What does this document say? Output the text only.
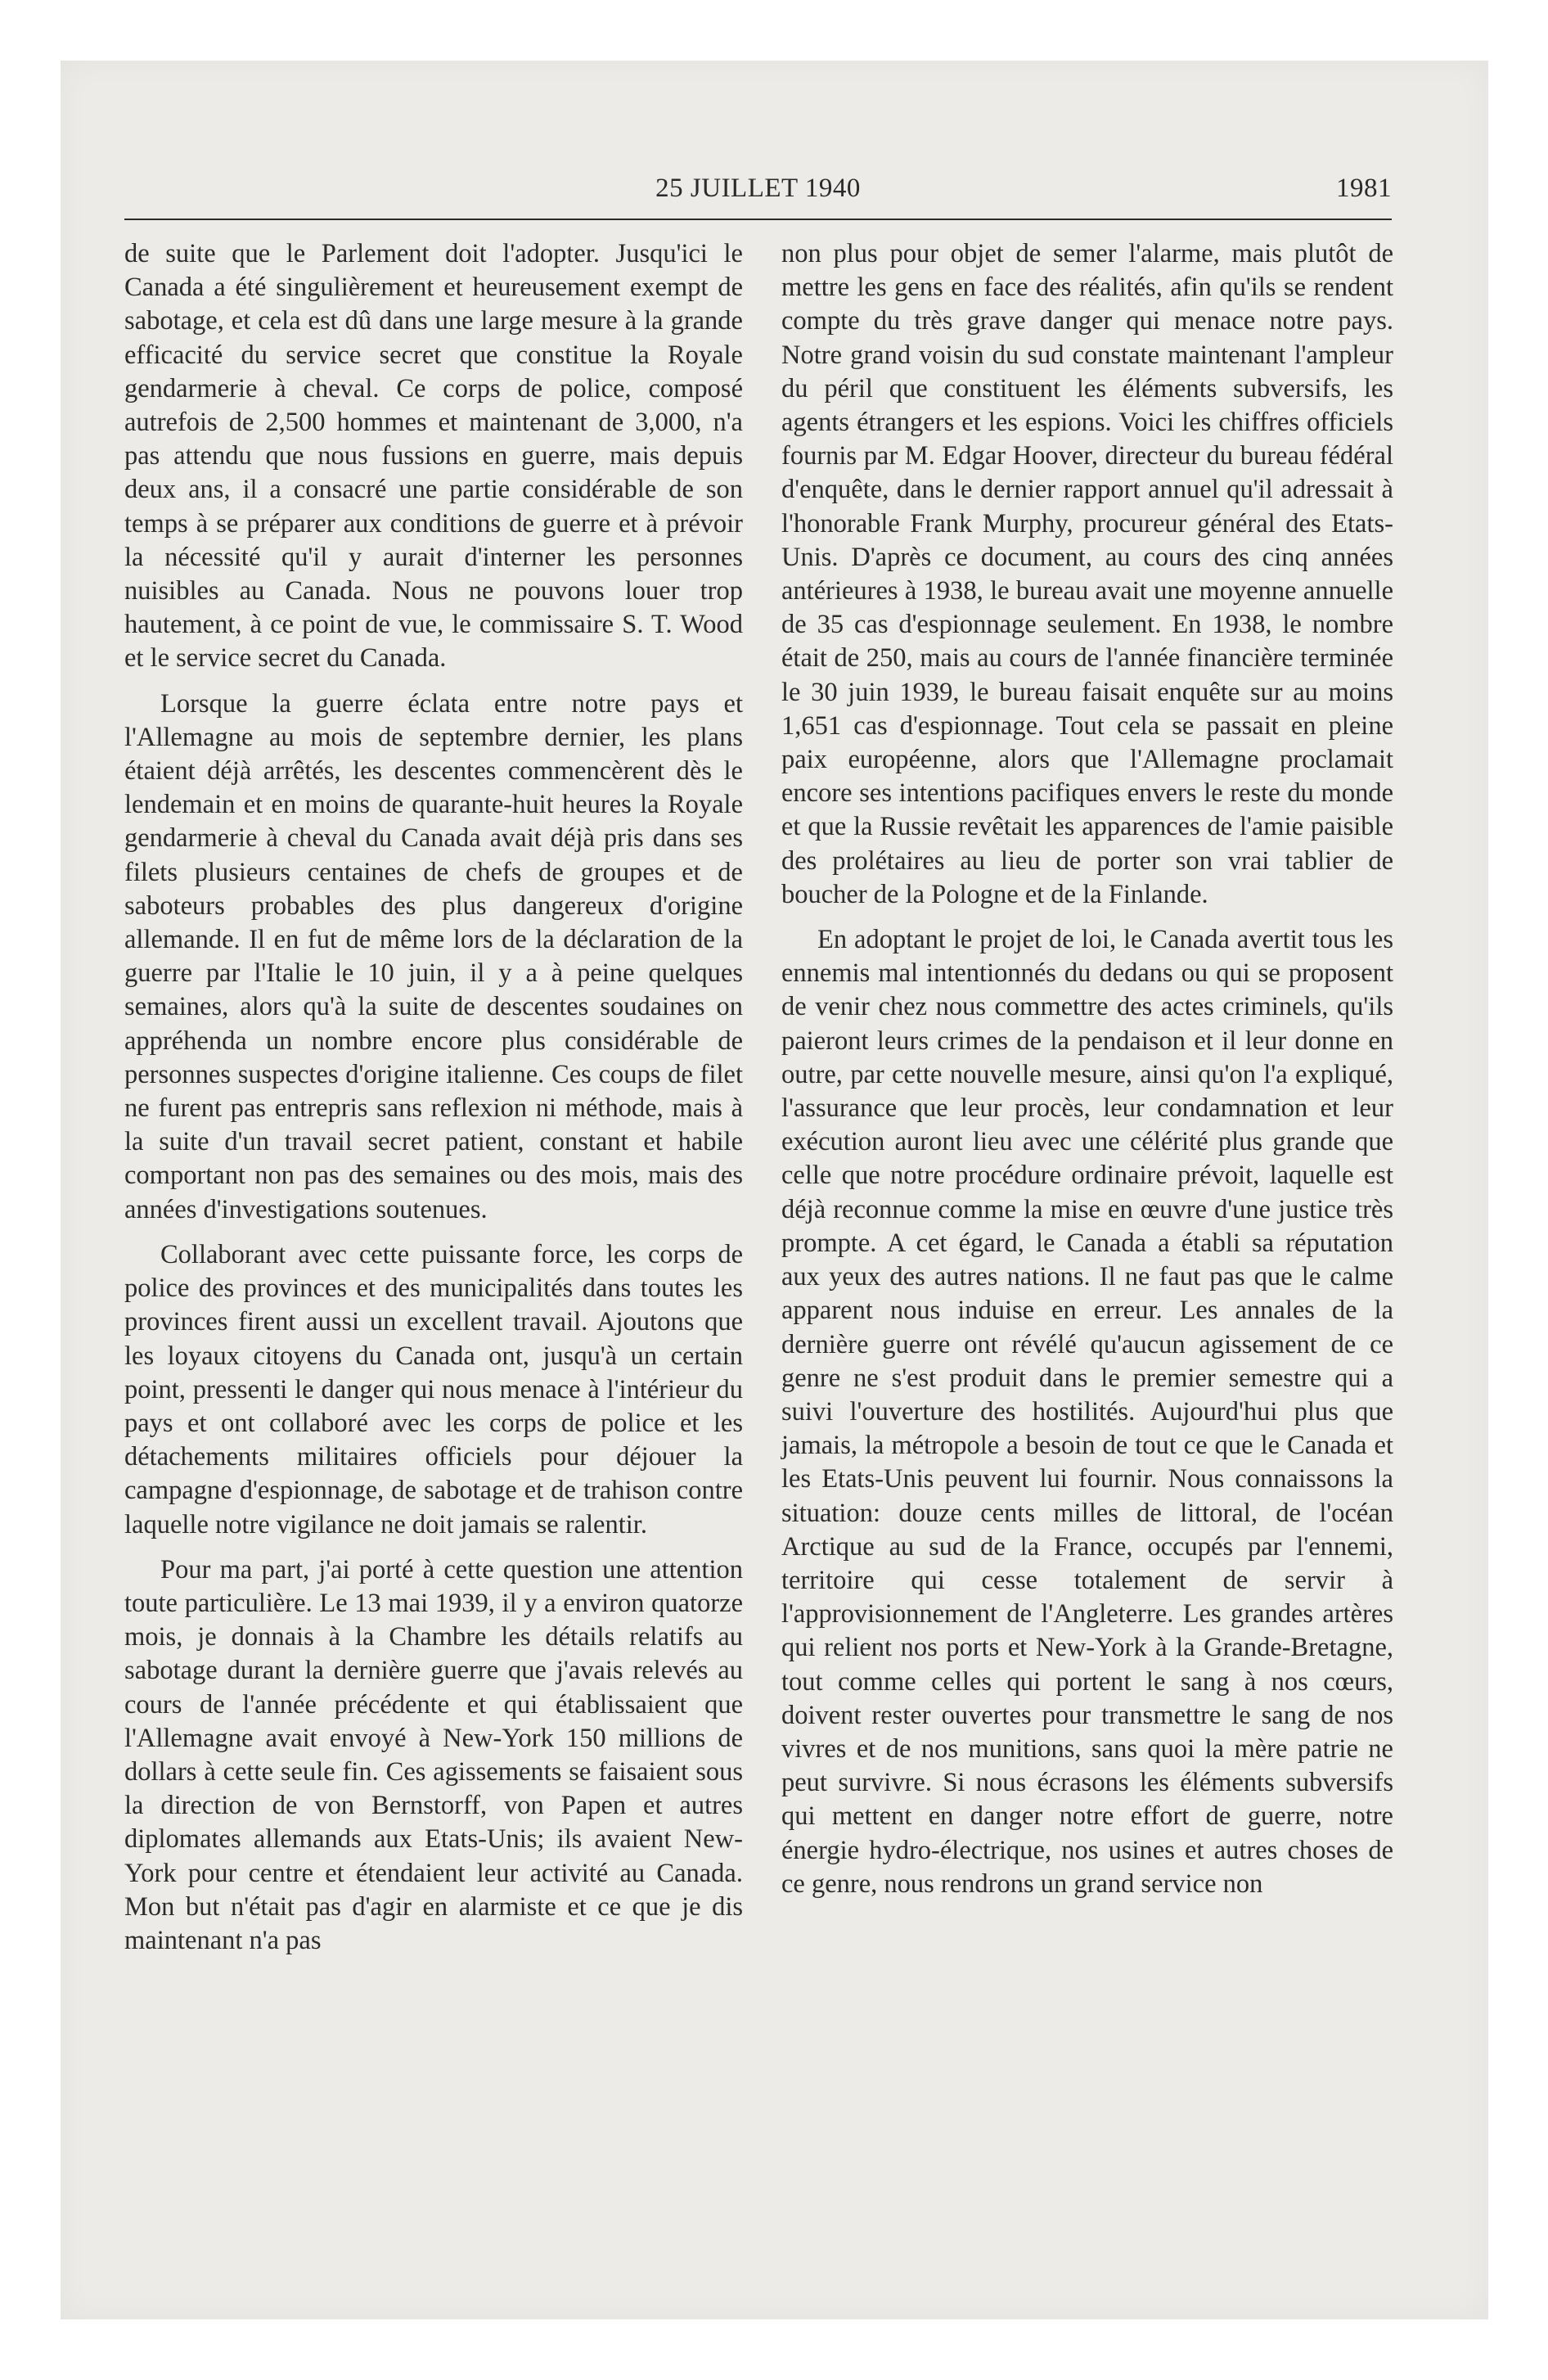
25 JUILLET 1940	1981

de suite que le Parlement doit l'adopter. Jusqu'ici le Canada a été singulièrement et heureusement exempt de sabotage, et cela est dû dans une large mesure à la grande efficacité du service secret que constitue la Royale gendarmerie à cheval. Ce corps de police, composé autrefois de 2,500 hommes et maintenant de 3,000, n'a pas attendu que nous fussions en guerre, mais depuis deux ans, il a consacré une partie considérable de son temps à se préparer aux conditions de guerre et à prévoir la nécessité qu'il y aurait d'interner les personnes nuisibles au Canada. Nous ne pouvons louer trop hautement, à ce point de vue, le commissaire S. T. Wood et le service secret du Canada.

Lorsque la guerre éclata entre notre pays et l'Allemagne au mois de septembre dernier, les plans étaient déjà arrêtés, les descentes commencèrent dès le lendemain et en moins de quarante-huit heures la Royale gendarmerie à cheval du Canada avait déjà pris dans ses filets plusieurs centaines de chefs de groupes et de saboteurs probables des plus dangereux d'origine allemande. Il en fut de même lors de la déclaration de la guerre par l'Italie le 10 juin, il y a à peine quelques semaines, alors qu'à la suite de descentes soudaines on appréhenda un nombre encore plus considérable de personnes suspectes d'origine italienne. Ces coups de filet ne furent pas entrepris sans reflexion ni méthode, mais à la suite d'un travail secret patient, constant et habile comportant non pas des semaines ou des mois, mais des années d'investigations soutenues.

Collaborant avec cette puissante force, les corps de police des provinces et des municipalités dans toutes les provinces firent aussi un excellent travail. Ajoutons que les loyaux citoyens du Canada ont, jusqu'à un certain point, pressenti le danger qui nous menace à l'intérieur du pays et ont collaboré avec les corps de police et les détachements militaires officiels pour déjouer la campagne d'espionnage, de sabotage et de trahison contre laquelle notre vigilance ne doit jamais se ralentir.

Pour ma part, j'ai porté à cette question une attention toute particulière. Le 13 mai 1939, il y a environ quatorze mois, je donnais à la Chambre les détails relatifs au sabotage durant la dernière guerre que j'avais relevés au cours de l'année précédente et qui établissaient que l'Allemagne avait envoyé à New-York 150 millions de dollars à cette seule fin. Ces agissements se faisaient sous la direction de von Bernstorff, von Papen et autres diplomates allemands aux Etats-Unis; ils avaient New-York pour centre et étendaient leur activité au Canada. Mon but n'était pas d'agir en alarmiste et ce que je dis maintenant n'a pas

non plus pour objet de semer l'alarme, mais plutôt de mettre les gens en face des réalités, afin qu'ils se rendent compte du très grave danger qui menace notre pays. Notre grand voisin du sud constate maintenant l'ampleur du péril que constituent les éléments subversifs, les agents étrangers et les espions. Voici les chiffres officiels fournis par M. Edgar Hoover, directeur du bureau fédéral d'enquête, dans le dernier rapport annuel qu'il adressait à l'honorable Frank Murphy, procureur général des Etats-Unis. D'après ce document, au cours des cinq années antérieures à 1938, le bureau avait une moyenne annuelle de 35 cas d'espionnage seulement. En 1938, le nombre était de 250, mais au cours de l'année financière terminée le 30 juin 1939, le bureau faisait enquête sur au moins 1,651 cas d'espionnage. Tout cela se passait en pleine paix européenne, alors que l'Allemagne proclamait encore ses intentions pacifiques envers le reste du monde et que la Russie revêtait les apparences de l'amie paisible des prolétaires au lieu de porter son vrai tablier de boucher de la Pologne et de la Finlande.

En adoptant le projet de loi, le Canada avertit tous les ennemis mal intentionnés du dedans ou qui se proposent de venir chez nous commettre des actes criminels, qu'ils paieront leurs crimes de la pendaison et il leur donne en outre, par cette nouvelle mesure, ainsi qu'on l'a expliqué, l'assurance que leur procès, leur condamnation et leur exécution auront lieu avec une célérité plus grande que celle que notre procédure ordinaire prévoit, laquelle est déjà reconnue comme la mise en œuvre d'une justice très prompte. A cet égard, le Canada a établi sa réputation aux yeux des autres nations. Il ne faut pas que le calme apparent nous induise en erreur. Les annales de la dernière guerre ont révélé qu'aucun agissement de ce genre ne s'est produit dans le premier semestre qui a suivi l'ouverture des hostilités. Aujourd'hui plus que jamais, la métropole a besoin de tout ce que le Canada et les Etats-Unis peuvent lui fournir. Nous connaissons la situation: douze cents milles de littoral, de l'océan Arctique au sud de la France, occupés par l'ennemi, territoire qui cesse totalement de servir à l'approvisionnement de l'Angleterre. Les grandes artères qui relient nos ports et New-York à la Grande-Bretagne, tout comme celles qui portent le sang à nos cœurs, doivent rester ouvertes pour transmettre le sang de nos vivres et de nos munitions, sans quoi la mère patrie ne peut survivre. Si nous écrasons les éléments subversifs qui mettent en danger notre effort de guerre, notre énergie hydro-électrique, nos usines et autres choses de ce genre, nous rendrons un grand service non
